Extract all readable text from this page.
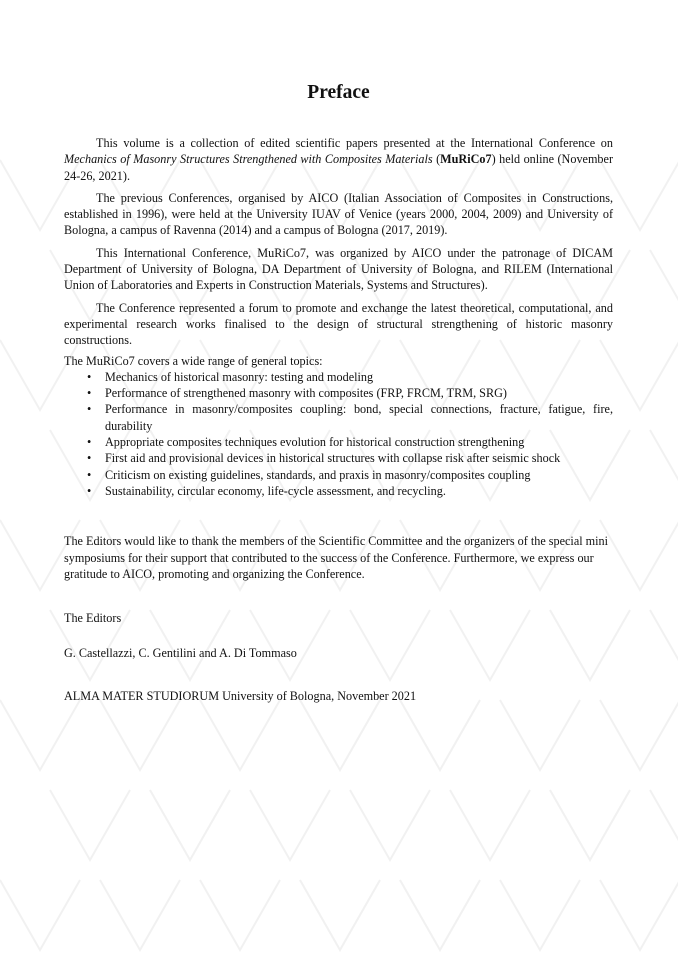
Preface

This volume is a collection of edited scientific papers presented at the International Conference on Mechanics of Masonry Structures Strengthened with Composites Materials (MuRiCo7) held online (November 24-26, 2021).

The previous Conferences, organised by AICO (Italian Association of Composites in Constructions, established in 1996), were held at the University IUAV of Venice (years 2000, 2004, 2009) and University of Bologna, a campus of Ravenna (2014) and a campus of Bologna (2017, 2019).

This International Conference, MuRiCo7, was organized by AICO under the patronage of DICAM Department of University of Bologna, DA Department of University of Bologna, and RILEM (International Union of Laboratories and Experts in Construction Materials, Systems and Structures).

The Conference represented a forum to promote and exchange the latest theoretical, computational, and experimental research works finalised to the design of structural strengthening of historic masonry constructions.

The MuRiCo7 covers a wide range of general topics:

• Mechanics of historical masonry: testing and modeling
• Performance of strengthened masonry with composites (FRP, FRCM, TRM, SRG)
• Performance in masonry/composites coupling: bond, special connections, fracture, fatigue, fire, durability
• Appropriate composites techniques evolution for historical construction strengthening
• First aid and provisional devices in historical structures with collapse risk after seismic shock
• Criticism on existing guidelines, standards, and praxis in masonry/composites coupling
• Sustainability, circular economy, life-cycle assessment, and recycling.

The Editors would like to thank the members of the Scientific Committee and the organizers of the special mini symposiums for their support that contributed to the success of the Conference. Furthermore, we express our gratitude to AICO, promoting and organizing the Conference.

The Editors

G. Castellazzi, C. Gentilini and A. Di Tommaso

ALMA MATER STUDIORUM University of Bologna, November 2021
